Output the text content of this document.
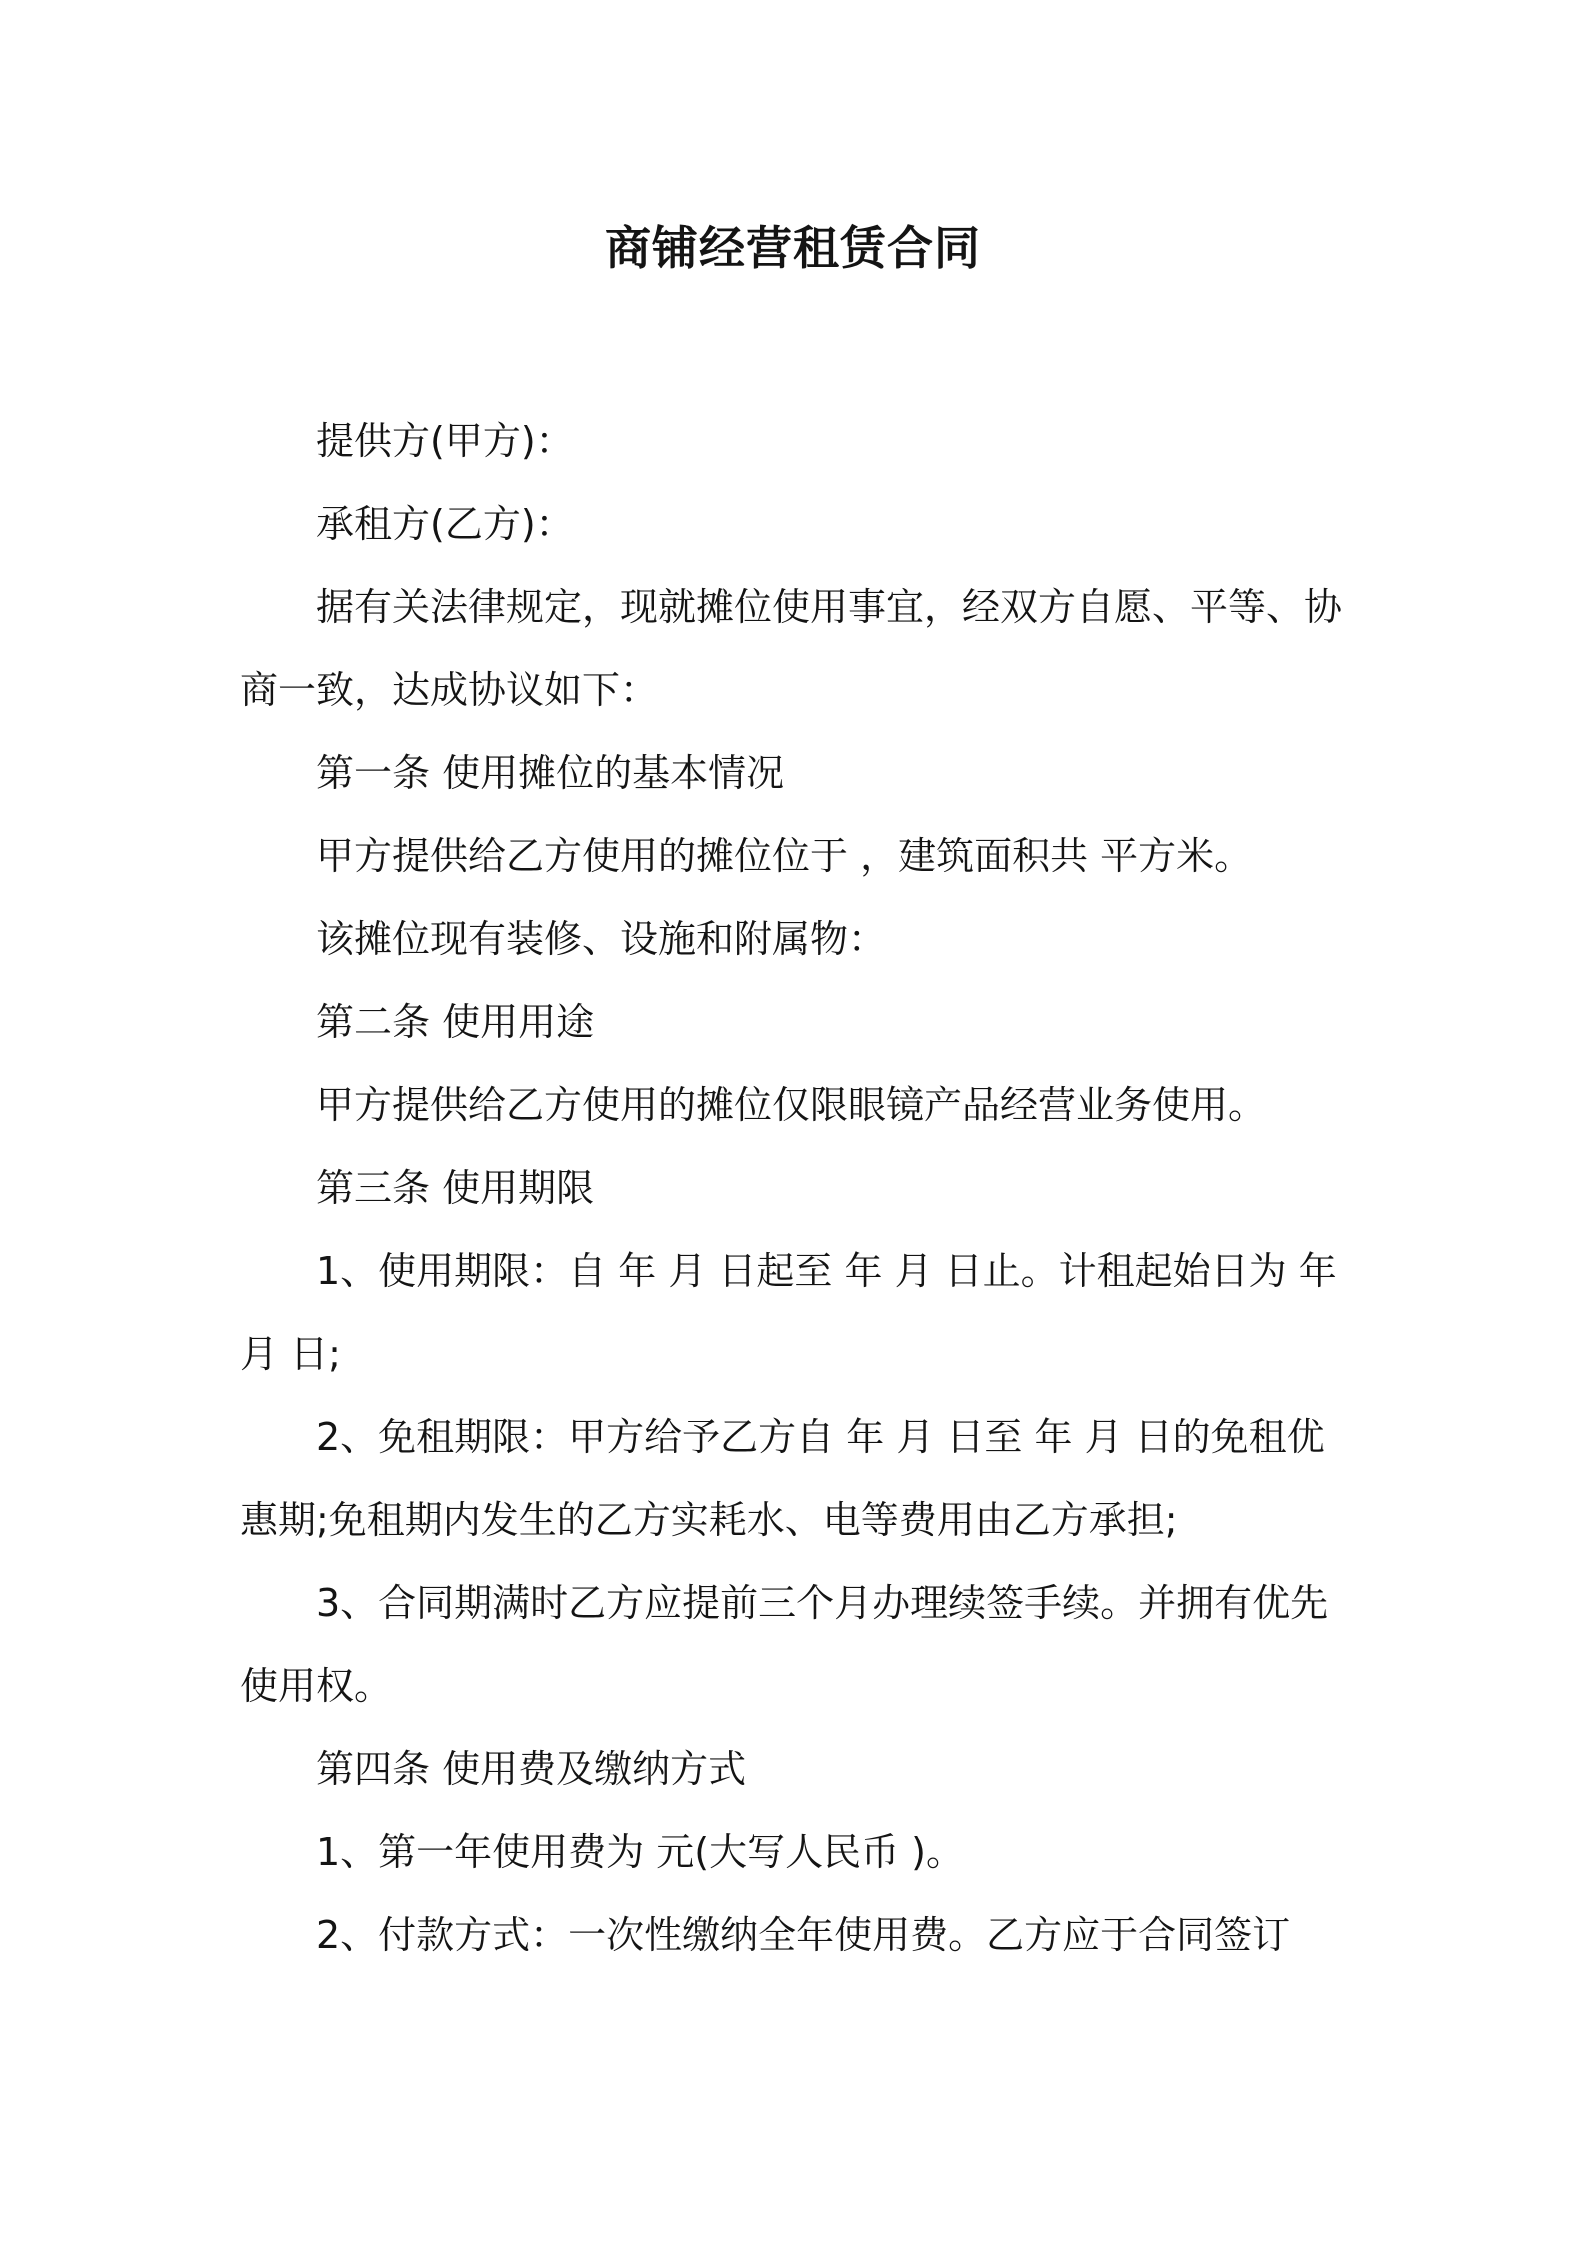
商铺经营租赁合同

提供方(甲方)：

承租方(乙方)：

据有关法律规定，现就摊位使用事宜，经双方自愿、平等、协商一致，达成协议如下：

第一条 使用摊位的基本情况

甲方提供给乙方使用的摊位位于 ，建筑面积共 平方米。

该摊位现有装修、设施和附属物：

第二条 使用用途

甲方提供给乙方使用的摊位仅限眼镜产品经营业务使用。

第三条 使用期限

1、使用期限：自 年 月 日起至 年 月 日止。计租起始日为 年 月 日;

2、免租期限：甲方给予乙方自 年 月 日至 年 月 日的免租优惠期;免租期内发生的乙方实耗水、电等费用由乙方承担;

3、合同期满时乙方应提前三个月办理续签手续。并拥有优先使用权。

第四条 使用费及缴纳方式

1、第一年使用费为 元(大写人民币 )。

2、付款方式：一次性缴纳全年使用费。乙方应于合同签订
